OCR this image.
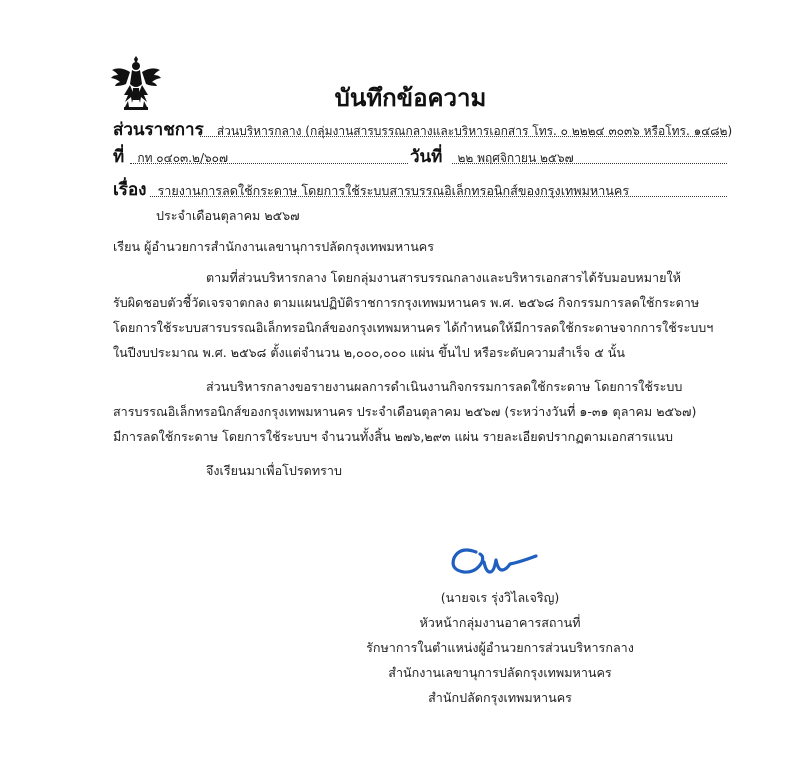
บันทึกข้อความ
ส่วนราชการ ส่วนบริหารกลาง (กลุ่มงานสารบรรณกลางและบริหารเอกสาร โทร. ๐ ๒๒๒๔ ๓๐๓๖ หรือโทร. ๑๔๘๒)
ที่ กท ๐๔๐๓.๒/๖๐๗	วันที่ ๒๒ พฤศจิกายน ๒๕๖๗
เรื่อง รายงานการลดใช้กระดาษ โดยการใช้ระบบสารบรรณอิเล็กทรอนิกส์ของกรุงเทพมหานคร
ประจำเดือนตุลาคม ๒๕๖๗
เรียน ผู้อำนวยการสำนักงานเลขานุการปลัดกรุงเทพมหานคร
ตามที่ส่วนบริหารกลาง โดยกลุ่มงานสารบรรณกลางและบริหารเอกสารได้รับมอบหมายให้
รับผิดชอบตัวชี้วัดเจรจาตกลง ตามแผนปฏิบัติราชการกรุงเทพมหานคร พ.ศ. ๒๕๖๘ กิจกรรมการลดใช้กระดาษ
โดยการใช้ระบบสารบรรณอิเล็กทรอนิกส์ของกรุงเทพมหานคร ได้กำหนดให้มีการลดใช้กระดาษจากการใช้ระบบฯ
ในปีงบประมาณ พ.ศ. ๒๕๖๘ ตั้งแต่จำนวน ๒,๐๐๐,๐๐๐ แผ่น ขึ้นไป หรือระดับความสำเร็จ ๕ นั้น
ส่วนบริหารกลางขอรายงานผลการดำเนินงานกิจกรรมการลดใช้กระดาษ โดยการใช้ระบบ
สารบรรณอิเล็กทรอนิกส์ของกรุงเทพมหานคร ประจำเดือนตุลาคม ๒๕๖๗ (ระหว่างวันที่ ๑-๓๑ ตุลาคม ๒๕๖๗)
มีการลดใช้กระดาษ โดยการใช้ระบบฯ จำนวนทั้งสิ้น ๒๗๖,๒๙๓ แผ่น รายละเอียดปรากฏตามเอกสารแนบ
จึงเรียนมาเพื่อโปรดทราบ
(นายจเร รุ่งวิไลเจริญ)
หัวหน้ากลุ่มงานอาคารสถานที่
รักษาการในตำแหน่งผู้อำนวยการส่วนบริหารกลาง
สำนักงานเลขานุการปลัดกรุงเทพมหานคร
สำนักปลัดกรุงเทพมหานคร
